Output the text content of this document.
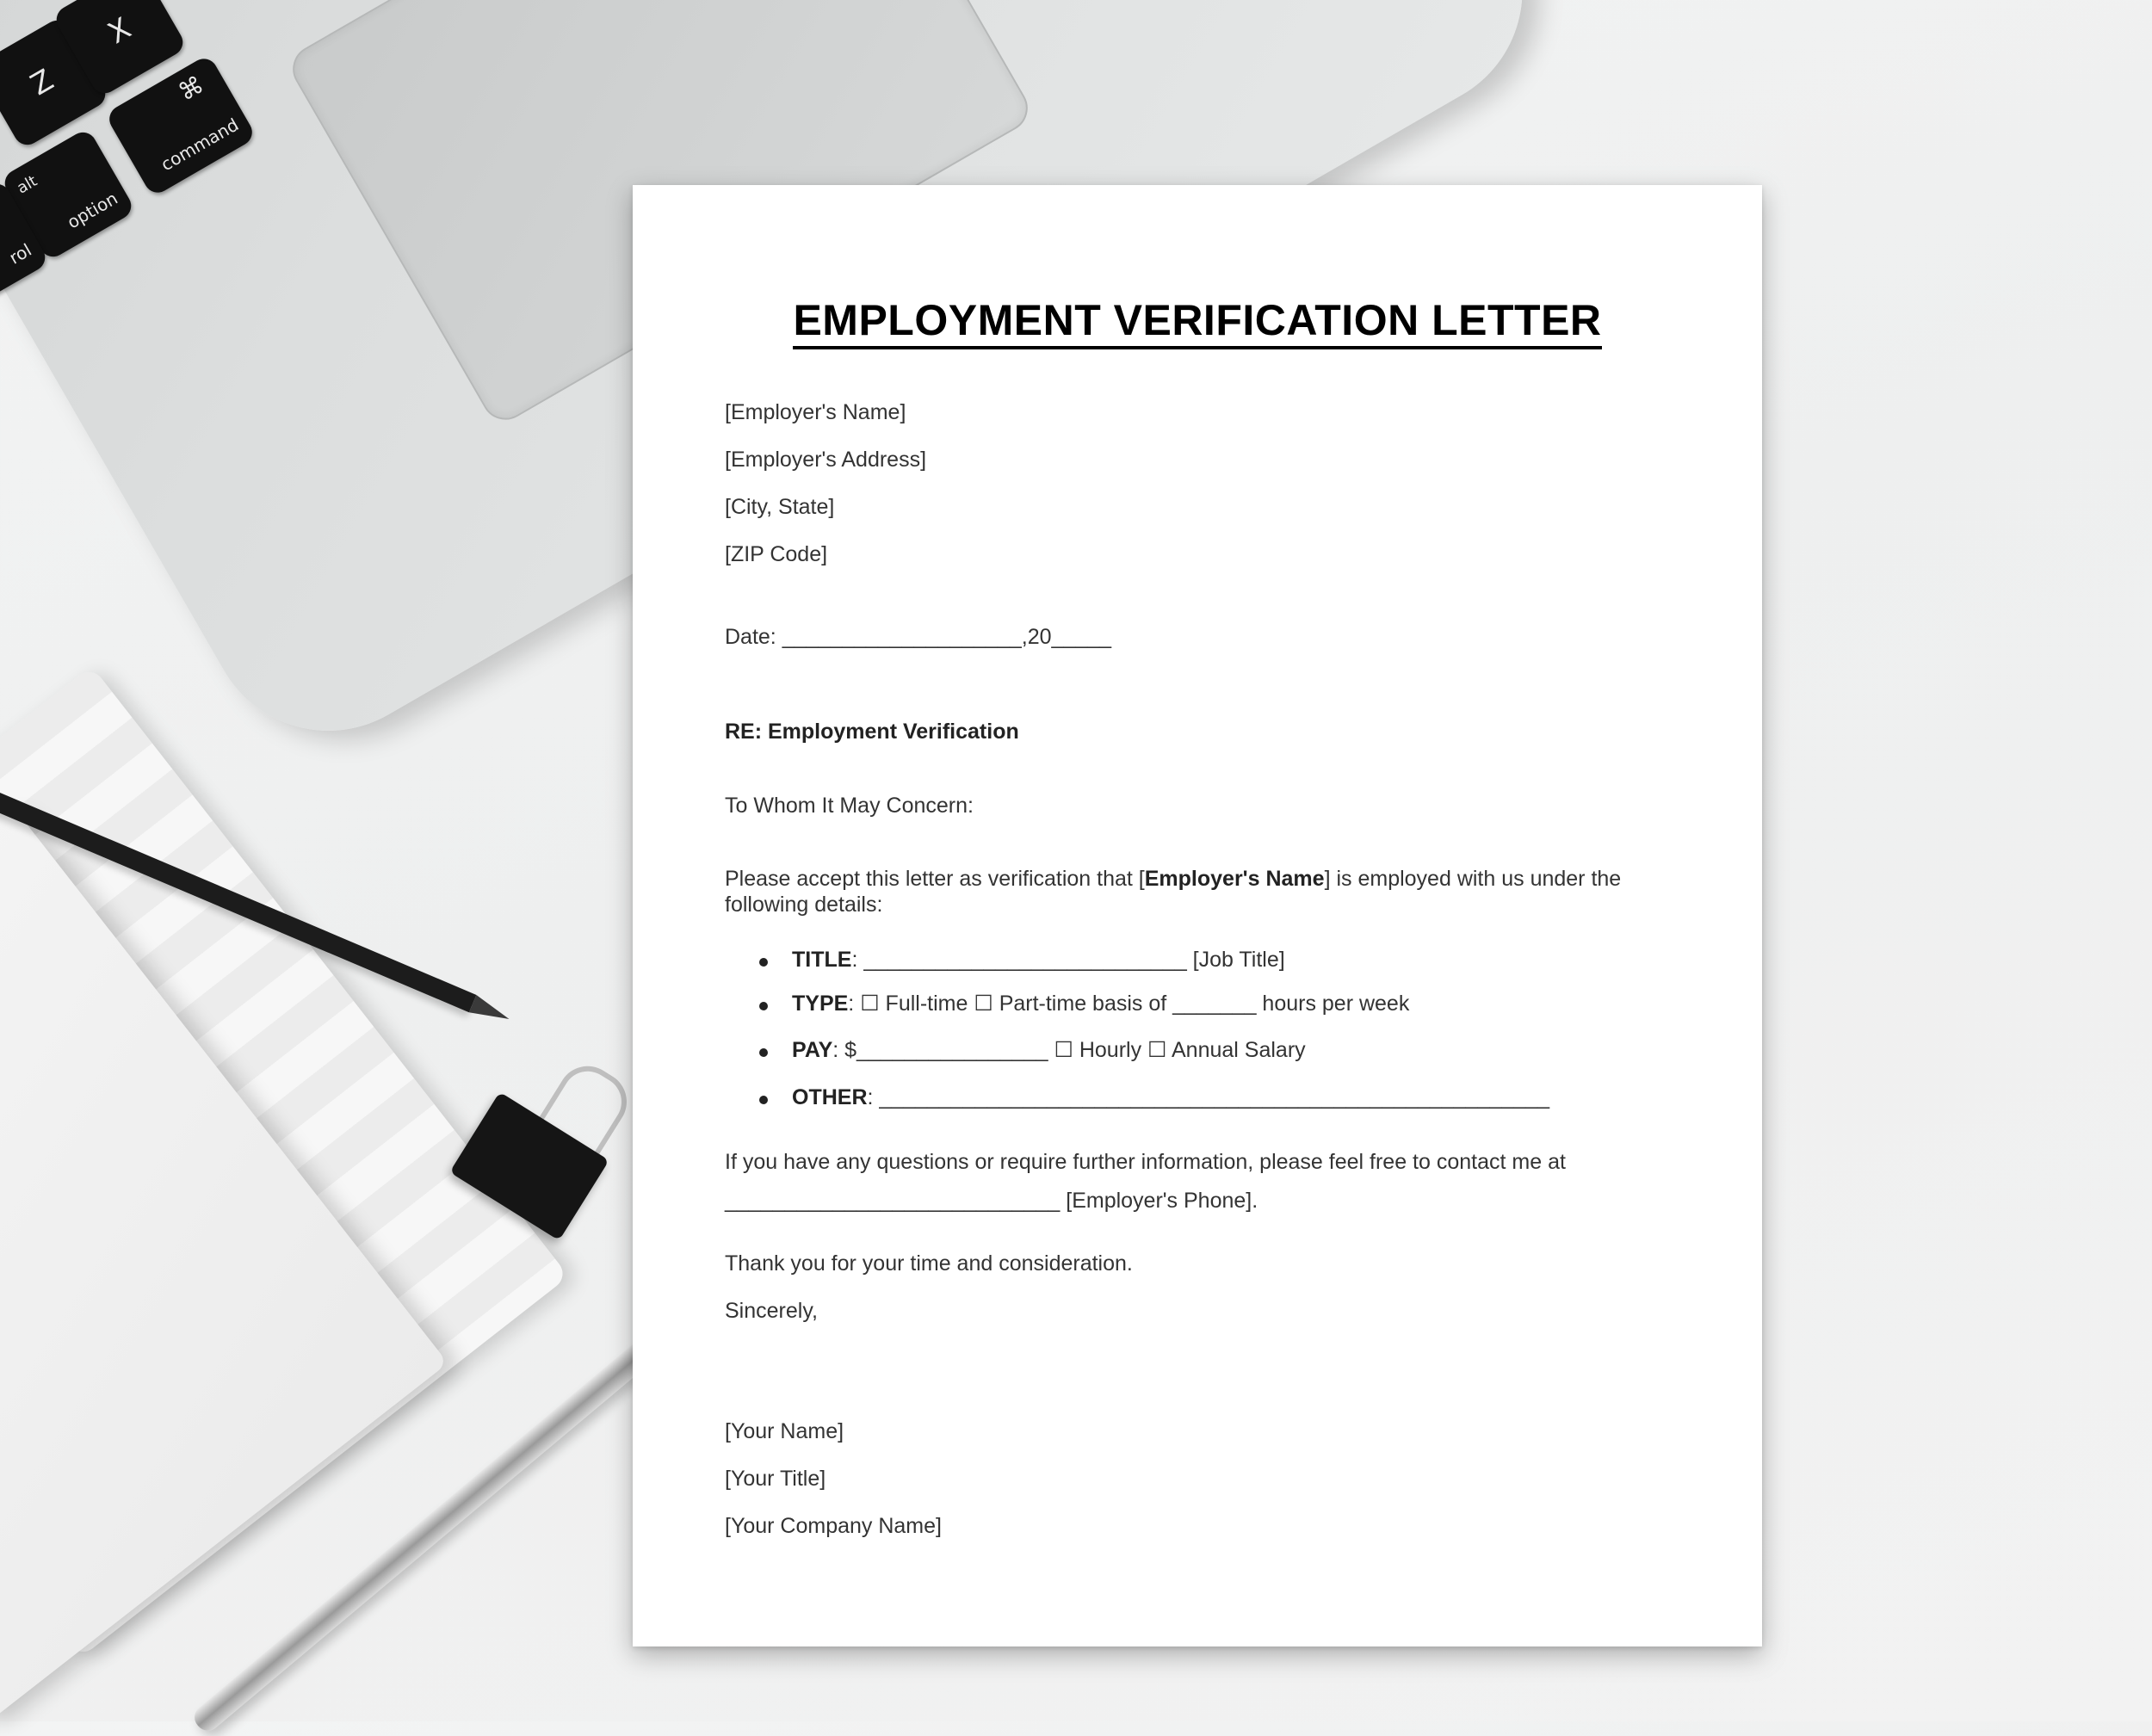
Z
X
⌘
command
alt
option
rol
EMPLOYMENT VERIFICATION LETTER
[Employer's Name]
[Employer's Address]
[City, State]
[ZIP Code]
Date: ____________________,20_____
RE: Employment Verification
To Whom It May Concern:
Please accept this letter as verification that [Employer's Name] is employed with us under the
following details:
TITLE: ___________________________ [Job Title]
TYPE: ☐ Full-time ☐ Part-time basis of _______ hours per week
PAY: $________________ ☐ Hourly ☐ Annual Salary
OTHER: ________________________________________________________
If you have any questions or require further information, please feel free to contact me at
____________________________ [Employer's Phone].
Thank you for your time and consideration.
Sincerely,
[Your Name]
[Your Title]
[Your Company Name]
